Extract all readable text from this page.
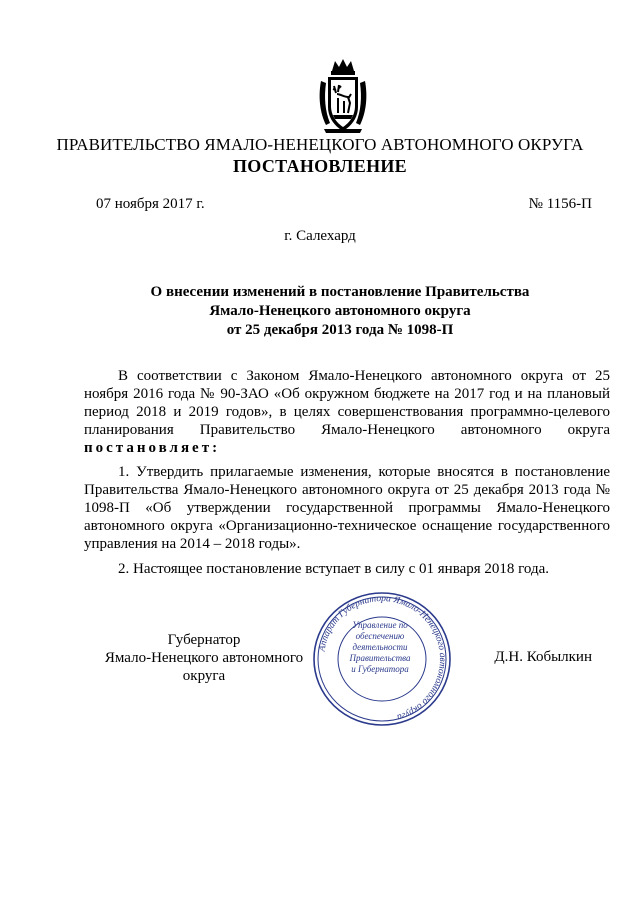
ПРАВИТЕЛЬСТВО ЯМАЛО-НЕНЕЦКОГО АВТОНОМНОГО ОКРУГА
ПОСТАНОВЛЕНИЕ
07 ноября 2017 г.	№ 1156-П
г. Салехард
О внесении изменений в постановление Правительства
Ямало-Ненецкого автономного округа
от 25 декабря 2013 года № 1098-П
В соответствии с Законом Ямало-Ненецкого автономного округа от 25 ноября 2016 года № 90-ЗАО «Об окружном бюджете на 2017 год и на плановый период 2018 и 2019 годов», в целях совершенствования программно-целевого планирования Правительство Ямало-Ненецкого автономного округа постановляет:
1. Утвердить прилагаемые изменения, которые вносятся в постановление Правительства Ямало-Ненецкого автономного округа от 25 декабря 2013 года № 1098-П «Об утверждении государственной программы Ямало-Ненецкого автономного округа «Организационно-техническое оснащение государственного управления на 2014 – 2018 годы».
2. Настоящее постановление вступает в силу с 01 января 2018 года.
Губернатор
Ямало-Ненецкого автономного округа
Д.Н. Кобылкин
Аппарат Губернатора Ямало-Ненецкого автономного округа
Управление по
обеспечению
деятельности
Правительства
и Губернатора
